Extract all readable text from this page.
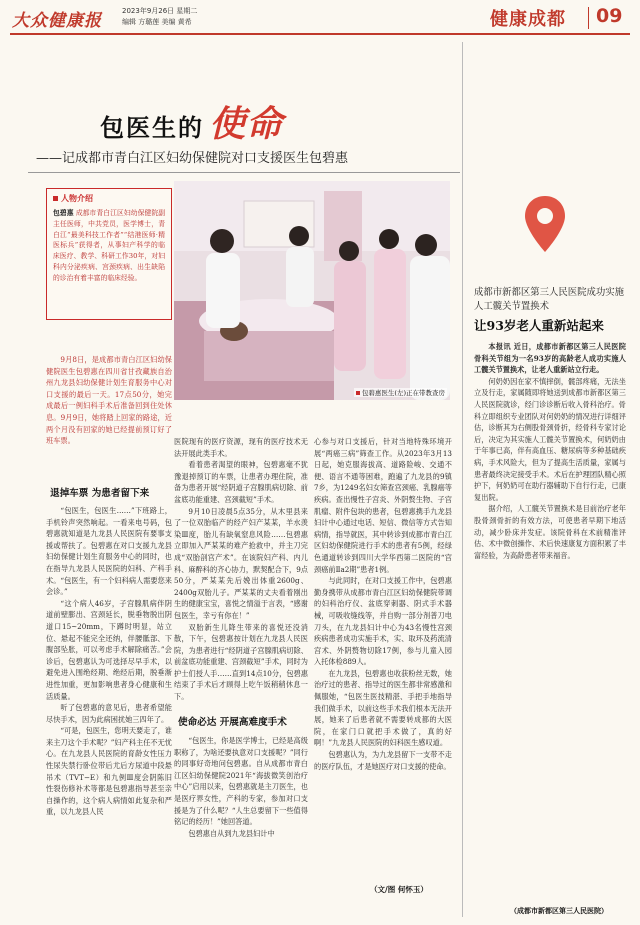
大众健康报	2023年9月26日 星期二
编辑 方璐莲 美编 黄希	健康成都 09
包医生的 使命
——记成都市青白江区妇幼保健院对口支援医生包碧惠
人物介绍

包碧惠 成都市青白江区妇幼保健院副主任医师，中共党员，医学博士，青白江“最美科技工作者”“结港医师·精医标兵”获得者，从事妇产科学的临床医疗、教学、科研工作30年，对妇科内分泌疾病、宫颈疾病、出生缺陷的诊治有着丰富的临床经验。

包碧惠医生(左)正在带教查房

9月8日，是成都市青白江区妇幼保健院医生包碧惠在四川省甘孜藏族自治州九龙县妇幼保健计划生育服务中心对口支援的最后一天。17点50分，她完成最后一例妇科手术后准备回到住处休息。9月9日，她将踏上回家的路途，近两个月没有回家的她已经提前预订好了班车票。

退掉车票 为患者留下来

“包医生，包医生……”下班路上，手机铃声突然响起。一看来电号码，包碧惠就知道是九龙县人民医院有要事支援或帮扶了。包碧惠在对口支援九龙县妇幼保健计划生育服务中心的同时，也在指导九龙县人民医院的妇科、产科手术。“包医生，有一个妇科病人需要您来会诊。”

“这个病人46岁，子宫腺肌病伴阴道前壁膨出、宫颈延长，脱垂物脱出阴道口15~20mm，下蹲时明显，站立位、悬起不能完全还纳，伴腰骶部、下腹部坠胀，可以考虑手术解除痛苦。”会诊后，包碧惠认为可选择尽早手术，以避免进入围绝经期、绝经后期，脱垂渐进性加重，更加影响患者身心健康和生活质量。

听了包碧惠的意见后，患者希望能尽快手术，因为此病困扰她三四年了。

“可是，包医生，您明天要走了，谁来主刀这个手术呢？”妇产科主任不无忧心。在九龙县人民医院的育龄女性压力性尿失禁行卧位带后尤后方尿道中段悬吊术（TVT−E）和九例Ⅲ度会阴陈旧性裂伤修补术等都是包碧惠指导甚至亲自操作的，这个病人病情如此复杂和严重，以九龙县人民

医院现有的医疗资源，现有的医疗技术无法开展此类手术。

看着患者渴望的眼神，包碧惠毫不犹豫退掉预订的车票，让患者办理住院，准备为患者开展“经阴道子宫腺肌病切除、前盆底功能重建、宫颈截短”手术。

9月10日凌晨5点35分，从木里县来了一位双胎临产的经产妇产某某，羊水羡染Ⅲ度，胎儿有缺氧窒息风险……包碧惠立即加入严某某的难产抢救中，并主刀完成“双胎剖宫产术”。在该院妇产科、内儿科、麻醉科的齐心协力，默契配合下，9点50分，严某某先后娩出体重2600g、2400g双胎儿子。严某某的丈夫看着刚出生的健康宝宝，喜悦之情溢于言表，“感谢包医生，幸亏有你在！”

双胎新生儿降生带来的喜悦还没消散，下午，包碧惠按计划在九龙县人民医院，为患者进行“经阴道子宫腺肌病切除、前盆底功能重建、宫颈截短”手术，同时为护士们授人手……直到14点10分，包碧惠结束了手术后才顾得上吃午饭稍稍休息一下。

使命必达 开展高难度手术

“包医生，你是医学博士，已经是高级职称了，为啥还要执意对口支援呢？”同行的同事好奇地问包碧惠。自从成都市青白江区妇幼保健院2021年“海拔微笑创治疗中心”启用以来，包碧惠就是主刀医生，也是医疗界女性，产科的专家，参加对口支援是为了什么呢？“人生总要留下一些值得铭记的经历！”她回答道。

包碧惠自从到九龙县妇计中

心参与对口支援后，针对当地特殊环境开展“两癌三病”筛查工作。从2023年3月13日起，她克服海拔高、道路险峻、交通不便、语言不通等困难，跑遍了九龙县的9镇7乡，为1249名妇女筛查宫颈癌、乳腺癌等疾病。查出慢性子宫炎、外阴赘生物、子宫肌瘤、附件包块的患者，包碧惠携手九龙县妇计中心通过电话、短信、微信等方式告知病情，指导就医，其中转诊到成都市青白江区妇幼保健院进行手术的患者有5例，经绿色通道转诊到四川大学华西第二医院的“宫颈癌前Ⅱa2期”患者1例。

与此同时，在对口支援工作中，包碧惠勤身携带从成都市青白江区妇幼保健院带调的妇科治疗仪、盆底穿刺器、阴式手术器械，可吸收缝线等，并自购一部分剂普刀电刀头，在九龙县妇计中心为43名慢性宫颈疾病患者成功实施手术，实、取环及药流清宫术、外阴赘物切除17例，参与儿童入园入托体检889人。

在九龙县，包碧惠也收获粉丝无数，她治疗过的患者、指导过的医生都非常感激和佩服她，“包医生医技精湛、手把手地指导我们做手术，以前这些手术我们根本无法开展，她来了后患者就不需要转成都的大医院，在家门口就把手术做了，真的好啊！”九龙县人民医院的妇科医生感叹道。

包碧惠认为，为九龙县留下一支带不走的医疗队伍，才是她医疗对口支援的使命。

（文/图 何怀玉）
成都市新都区第三人民医院成功实施人工髋关节置换术
让93岁老人重新站起来

本报讯 近日，成都市新都区第三人民医院骨科关节组为一名93岁的高龄老人成功实施人工髋关节置换术，让老人重新站立行走。

何奶奶因在家不慎摔倒，髋部疼痛，无法坐立及行走，家属随即将她送到成都市新都区第三人民医院就诊，经门诊诊断后收入骨科治疗。骨科立即组织专业团队对何奶奶的情况进行详细评估，诊断其为右侧股骨颈骨折，经骨科专家讨论后，决定为其实施人工髋关节置换术，何奶奶由于年事已高，伴有高血压、糖尿病等多种基础疾病，手术风险大，但为了提高生活质量，家属与患者最终决定接受手术。术后在护理团队精心照护下，何奶奶可在助行器辅助下自行行走，已康复出院。

据介绍，人工髋关节置换术是目前治疗老年股骨颈骨折的有效方法，可使患者早期下地活动，减少卧床并发症。该院骨科在术前精准评估、术中微创操作、术后快速康复方面积累了丰富经验，为高龄患者带来福音。

（成都市新都区第三人民医院）
